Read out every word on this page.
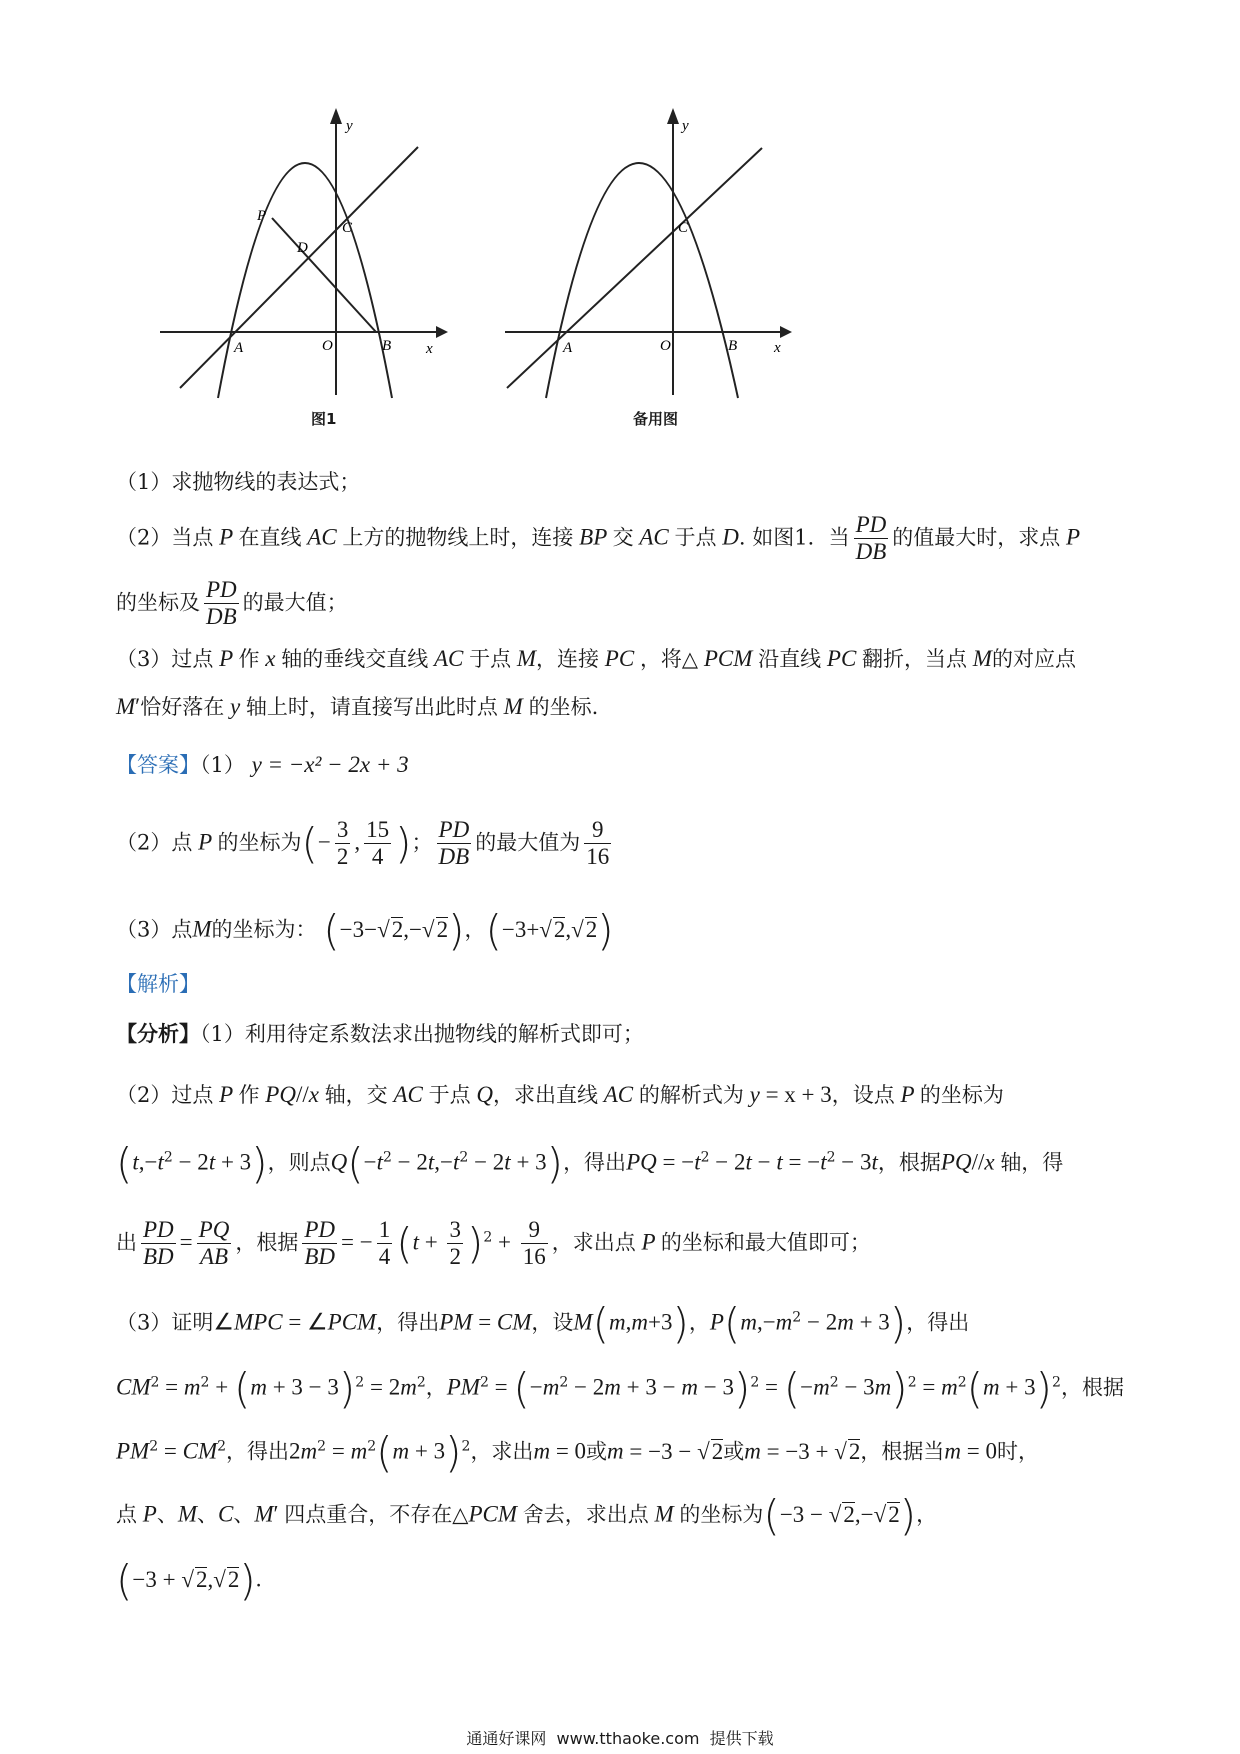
y
x
P
C
D
A	O	B
图1
y
x
C
A	O	B
备用图
（1）求抛物线的表达式；
（2）当点 P 在直线 AC 上方的抛物线上时，连接 BP 交 AC 于点 D. 如图1．当 $\frac{PD}{DB}$ 的值最大时，求点 P
的坐标及 $\frac{PD}{DB}$ 的最大值；
（3）过点 P 作 x 轴的垂线交直线 AC 于点 M，连接 PC ，将△ PCM 沿直线 PC 翻折，当点 M的对应点
M′恰好落在 y 轴上时，请直接写出此时点 M 的坐标.
【答案】（1） y = −x² − 2x + 3
（2）点 P 的坐标为(− $\frac{3}{2}$ , $\frac{15}{4}$ )； $\frac{PD}{DB}$ 的最大值为 $\frac{9}{16}$
（3）点M的坐标为： (−3−√2,−√2)，(−3+√2,√2)
【解析】
【分析】（1）利用待定系数法求出抛物线的解析式即可；
（2）过点 P 作 PQ//x 轴，交 AC 于点 Q，求出直线 AC 的解析式为 y = x + 3，设点 P 的坐标为
$(t,-t^2 - 2t + 3)$，则点$Q(-t^2 - 2t,-t^2 - 2t + 3)$，得出PQ = $-t^2 - 2t - t = -t^2 - 3t$，根据PQ//x 轴，得
出 $\frac{PD}{BD} = \frac{PQ}{AB}$ ，根据 $\frac{PD}{BD}$ = − $\frac{1}{4} (t + \frac{3}{2} )^2 + \frac{9}{16}$ ，求出点 P 的坐标和最大值即可；
（3）证明∠MPC = ∠PCM，得出PM = CM，设M(m,m+3)，$P(m,-m^2 - 2m + 3)$，得出
$CM^2 = m^2 + (m + 3 - 3)^2 = 2m^2$，$PM^2 = (-m^2 - 2m + 3 - m - 3)^2 = (-m^2 - 3m)^2 = m^2(m + 3)^2$，根据
$PM^2 = CM^2$，得出$2m^2 = m^2(m + 3)^2$，求出m = 0或m = −3 − √2或m = −3 + √2，根据当m = 0时，
点 P、M、C、M′ 四点重合，不存在△PCM 舍去，求出点 M 的坐标为(−3 − √2,−√2)，
(−3 + √2,√2).
通通好课网  www.tthaoke.com  提供下载
